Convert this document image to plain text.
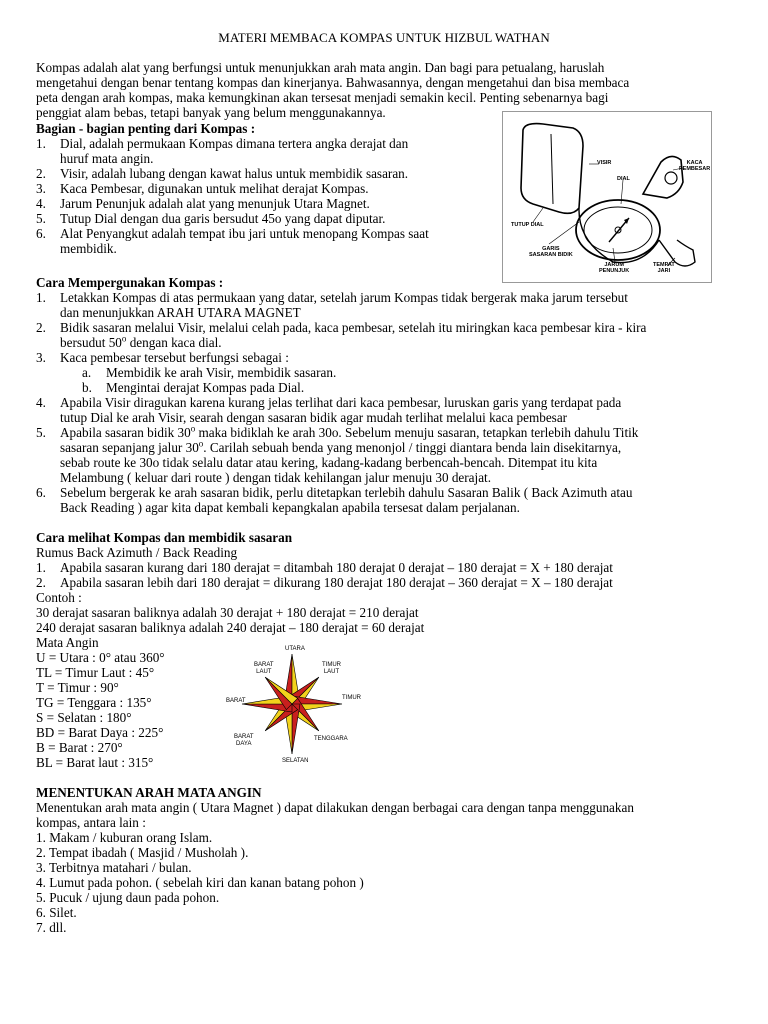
MATERI MEMBACA KOMPAS UNTUK HIZBUL WATHAN

Kompas adalah alat yang berfungsi untuk menunjukkan arah mata angin. Dan bagi para petualang, haruslah

mengetahui dengan benar tentang kompas dan kinerjanya. Bahwasannya, dengan mengetahui dan bisa membaca

peta dengan arah kompas, maka kemungkinan akan tersesat menjadi semakin kecil. Penting sebenarnya bagi

penggiat alam bebas, tetapi banyak yang belum menggunakannya.

Bagian - bagian penting dari Kompas :

1.	Dial, adalah permukaan Kompas dimana tertera angka derajat dan
huruf mata angin.
2.	Visir, adalah lubang dengan kawat halus untuk membidik sasaran.
3.	Kaca Pembesar, digunakan untuk melihat derajat Kompas.
4.	Jarum Penunjuk adalah alat yang menunjuk Utara Magnet.
5.	Tutup Dial dengan dua garis bersudut 45o yang dapat diputar.
6.	Alat Penyangkut adalah tempat ibu jari untuk menopang Kompas saat
membidik.
VISIR	KACA
PEMBESAR
DIAL
TUTUP DIAL
GARIS
SASARAN BIDIK
JARUM
PENUNJUK
TEMPAT
JARI

Cara Mempergunakan Kompas :

1.	Letakkan Kompas di atas permukaan yang datar, setelah jarum Kompas tidak bergerak maka jarum tersebut
dan menunjukkan ARAH UTARA MAGNET
2.	Bidik sasaran melalui Visir, melalui celah pada, kaca pembesar, setelah itu miringkan kaca pembesar kira - kira
bersudut 50$^o$ dengan kaca dial.
3.	Kaca pembesar tersebut berfungsi sebagai :
a.	Membidik ke arah Visir, membidik sasaran.
b.	Mengintai derajat Kompas pada Dial.
4.	Apabila Visir diragukan karena kurang jelas terlihat dari kaca pembesar, luruskan garis yang terdapat pada
tutup Dial ke arah Visir, searah dengan sasaran bidik agar mudah terlihat melalui kaca pembesar
5.	Apabila sasaran bidik 30$^o$ maka bidiklah ke arah 30o. Sebelum menuju sasaran, tetapkan terlebih dahulu Titik
sasaran sepanjang jalur 30$^o$. Carilah sebuah benda yang menonjol / tinggi diantara benda lain disekitarnya,
sebab route ke 30o tidak selalu datar atau kering, kadang-kadang berbencah-bencah. Ditempat itu kita
Melambung ( keluar dari route ) dengan tidak kehilangan jalur menuju 30 derajat.
6.	Sebelum bergerak ke arah sasaran bidik, perlu ditetapkan terlebih dahulu Sasaran Balik ( Back Azimuth atau
Back Reading ) agar kita dapat kembali kepangkalan apabila tersesat dalam perjalanan.

Cara melihat Kompas dan membidik sasaran

Rumus Back Azimuth / Back Reading

1.	Apabila sasaran kurang dari 180 derajat = ditambah 180 derajat 0 derajat – 180 derajat = X + 180 derajat
2.	Apabila sasaran lebih dari 180 derajat = dikurang 180 derajat 180 derajat – 360 derajat = X – 180 derajat

Contoh :

30 derajat sasaran baliknya adalah 30 derajat + 180 derajat = 210 derajat

240 derajat sasaran baliknya adalah 240 derajat – 180 derajat = 60 derajat

Mata Angin

U = Utara : 0° atau 360°

TL = Timur Laut : 45°

T = Timur : 90°

TG = Tenggara : 135°

S = Selatan : 180°

BD = Barat Daya : 225°

B = Barat : 270°

BL = Barat laut : 315°

UTARA
BARAT
LAUT
TIMUR
LAUT
BARAT	TIMUR
BARAT
DAYA
TENGGARA
SELATAN

MENENTUKAN ARAH MATA ANGIN

Menentukan arah mata angin ( Utara Magnet ) dapat dilakukan dengan berbagai cara dengan tanpa menggunakan

kompas, antara lain :

1. Makam / kuburan orang Islam.

2. Tempat ibadah ( Masjid / Musholah ).

3. Terbitnya matahari / bulan.

4. Lumut pada pohon. ( sebelah kiri dan kanan batang pohon )

5. Pucuk / ujung daun pada pohon.

6. Silet.

7. dll.
